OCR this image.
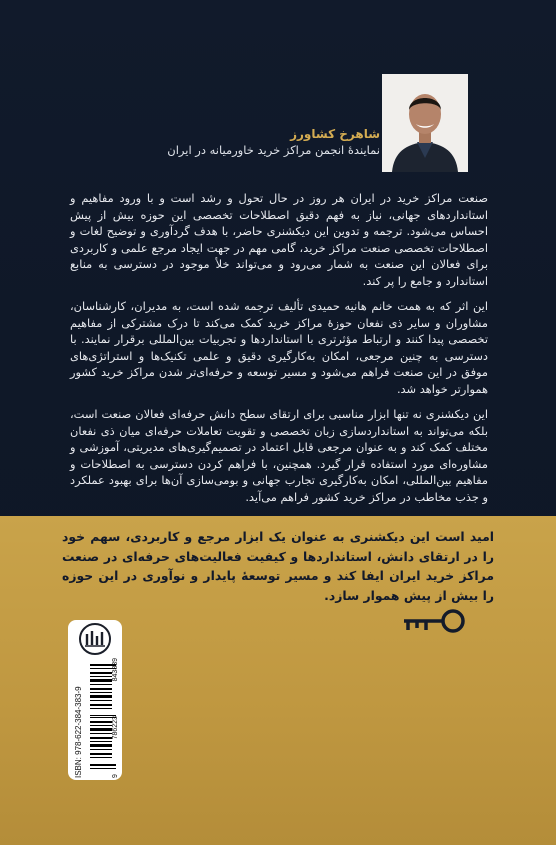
شاهرخ کشاورز
نمایندهٔ انجمن مراکز خرید خاورمیانه در ایران
صنعت مراکز خرید در ایران هر روز در حال تحول و رشد است و با ورود مفاهیم و استانداردهای جهانی، نیاز به فهم دقیق اصطلاحات تخصصی این حوزه بیش از پیش احساس می‌شود. ترجمه و تدوین این دیکشنری حاضر، با هدف گردآوری و توضیح لغات و اصطلاحات تخصصی صنعت مراکز خرید، گامی مهم در جهت ایجاد مرجع علمی و کاربردی برای فعالان این صنعت به شمار می‌رود و می‌تواند خلأ موجود در دسترسی به منابع استاندارد و جامع را پر کند.
این اثر که به همت خانم هانیه حمیدی تألیف ترجمه شده است، به مدیران، کارشناسان، مشاوران و سایر ذی نفعان حوزهٔ مراکز خرید کمک می‌کند تا درک مشترکی از مفاهیم تخصصی پیدا کنند و ارتباط مؤثرتری با استانداردها و تجربیات بین‌المللی برقرار نمایند. با دسترسی به چنین مرجعی، امکان به‌کارگیری دقیق و علمی تکنیک‌ها و استراتژی‌های موفق در این صنعت فراهم می‌شود و مسیر توسعه و حرفه‌ای‌تر شدن مراکز خرید کشور هموارتر خواهد شد.
این دیکشنری نه تنها ابزار مناسبی برای ارتقای سطح دانش حرفه‌ای فعالان صنعت است، بلکه می‌تواند به استانداردسازی زبان تخصصی و تقویت تعاملات حرفه‌ای میان ذی نفعان مختلف کمک کند و به عنوان مرجعی قابل اعتماد در تصمیم‌گیری‌های مدیریتی، آموزشی و مشاوره‌ای مورد استفاده قرار گیرد. همچنین، با فراهم کردن دسترسی به اصطلاحات و مفاهیم بین‌المللی، امکان به‌کارگیری تجارب جهانی و بومی‌سازی آن‌ها برای بهبود عملکرد و جذب مخاطب در مراکز خرید کشور فراهم می‌آید.
امید است این دیکشنری به عنوان یک ابزار مرجع و کاربردی، سهم خود را در ارتقای دانش، استانداردها و کیفیت فعالیت‌های حرفه‌ای در صنعت مراکز خرید ایران ایفا کند و مسیر توسعهٔ پایدار و نوآوری در این حوزه را بیش از پیش هموار سازد.
ISBN: 978-622-384-383-9	9
786223
843839
